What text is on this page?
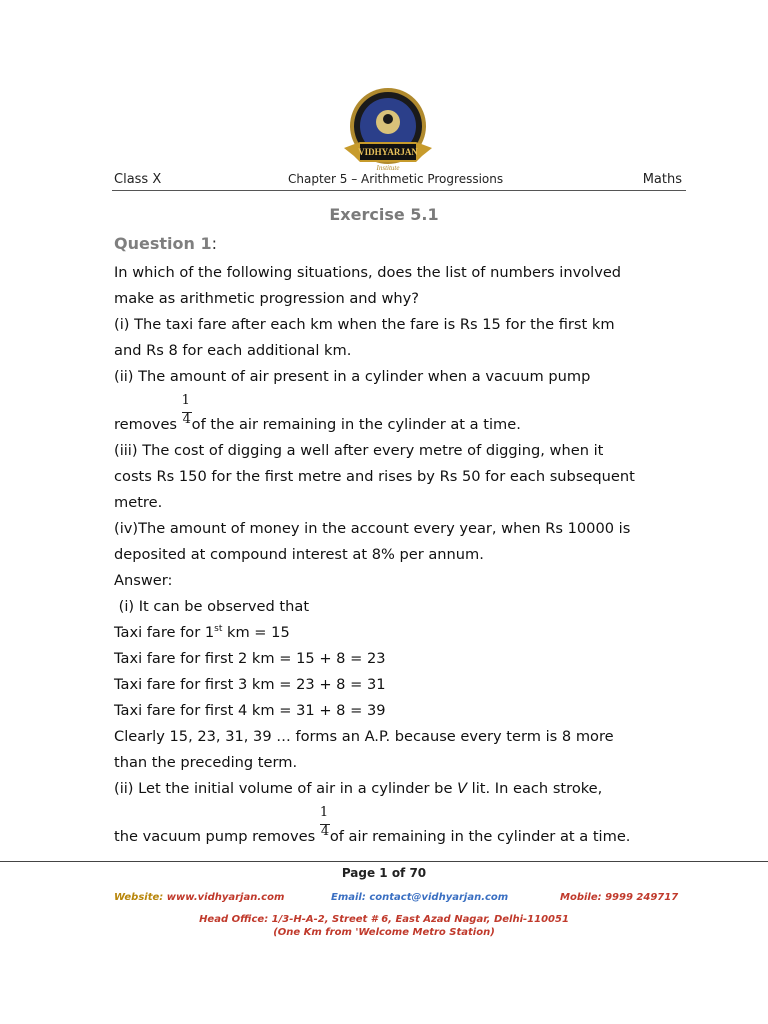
VIDHYARJAN
Institute
Class X	Chapter 5 – Arithmetic Progressions	Maths
Exercise 5.1
Question 1:
In which of the following situations, does the list of numbers involved
make as arithmetic progression and why?
(i) The taxi fare after each km when the fare is Rs 15 for the first km
and Rs 8 for each additional km.
(ii) The amount of air present in a cylinder when a vacuum pump
removes $\frac{1}{4}$ of the air remaining in the cylinder at a time.
(iii) The cost of digging a well after every metre of digging, when it
costs Rs 150 for the first metre and rises by Rs 50 for each subsequent
metre.
(iv)The amount of money in the account every year, when Rs 10000 is
deposited at compound interest at 8% per annum.
Answer:
(i) It can be observed that
Taxi fare for 1st km = 15
Taxi fare for first 2 km = 15 + 8 = 23
Taxi fare for first 3 km = 23 + 8 = 31
Taxi fare for first 4 km = 31 + 8 = 39
Clearly 15, 23, 31, 39 … forms an A.P. because every term is 8 more
than the preceding term.
(ii) Let the initial volume of air in a cylinder be V lit. In each stroke,
the vacuum pump removes $\frac{1}{4}$ of air remaining in the cylinder at a time.
Page 1 of 70
Website: www.vidhyarjan.com	Email: contact@vidhyarjan.com	Mobile: 9999 249717
Head Office: 1/3-H-A-2, Street # 6, East Azad Nagar, Delhi-110051
(One Km from 'Welcome Metro Station)
